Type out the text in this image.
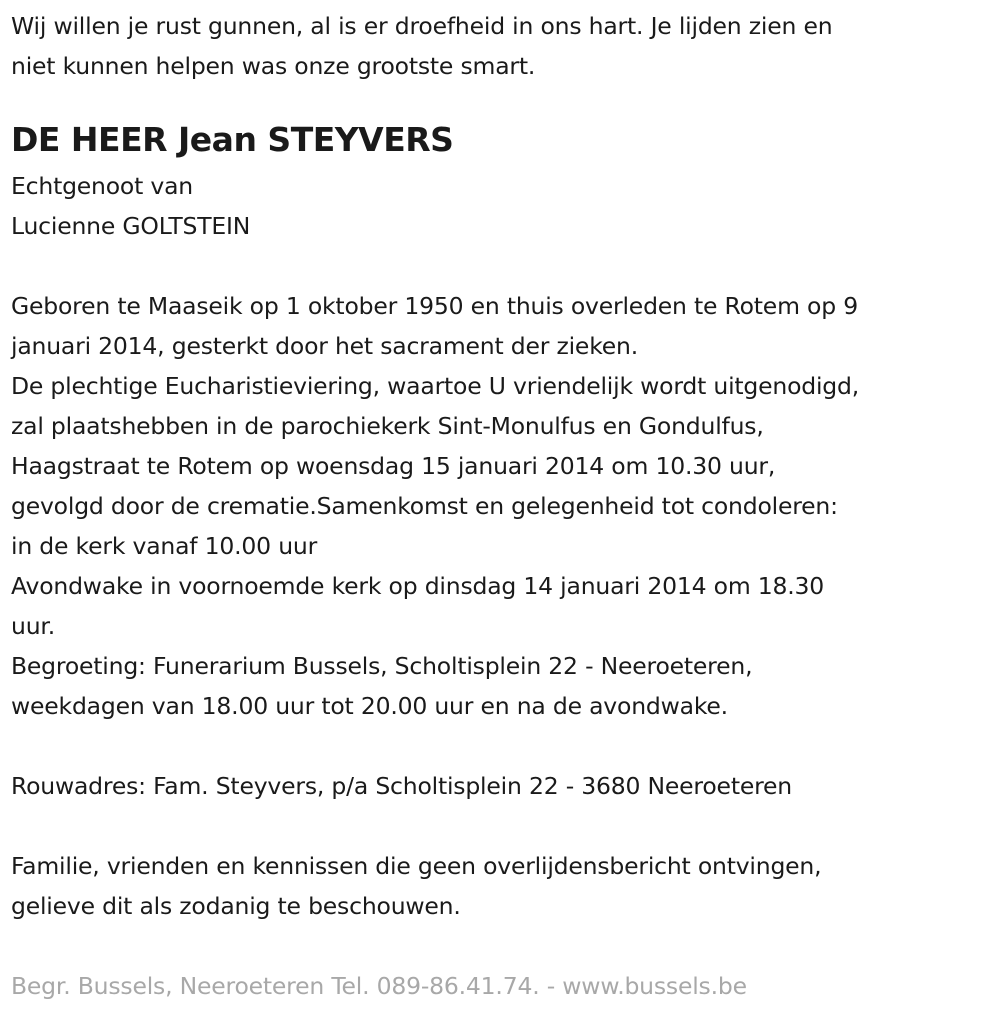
Wij willen je rust gunnen, al is er droefheid in ons hart. Je lijden zien en

niet kunnen helpen was onze grootste smart.

DE HEER Jean STEYVERS

Echtgenoot van

Lucienne GOLTSTEIN

Geboren te Maaseik op 1 oktober 1950 en thuis overleden te Rotem op 9

januari 2014, gesterkt door het sacrament der zieken.

De plechtige Eucharistieviering, waartoe U vriendelijk wordt uitgenodigd,

zal plaatshebben in de parochiekerk Sint-Monulfus en Gondulfus,

Haagstraat te Rotem op woensdag 15 januari 2014 om 10.30 uur,

gevolgd door de crematie.Samenkomst en gelegenheid tot condoleren:

in de kerk vanaf 10.00 uur

Avondwake in voornoemde kerk op dinsdag 14 januari 2014 om 18.30

uur.

Begroeting: Funerarium Bussels, Scholtisplein 22 - Neeroeteren,

weekdagen van 18.00 uur tot 20.00 uur en na de avondwake.

Rouwadres: Fam. Steyvers, p/a Scholtisplein 22 - 3680 Neeroeteren

Familie, vrienden en kennissen die geen overlijdensbericht ontvingen,

gelieve dit als zodanig te beschouwen.

Begr. Bussels, Neeroeteren Tel. 089-86.41.74. - www.bussels.be
